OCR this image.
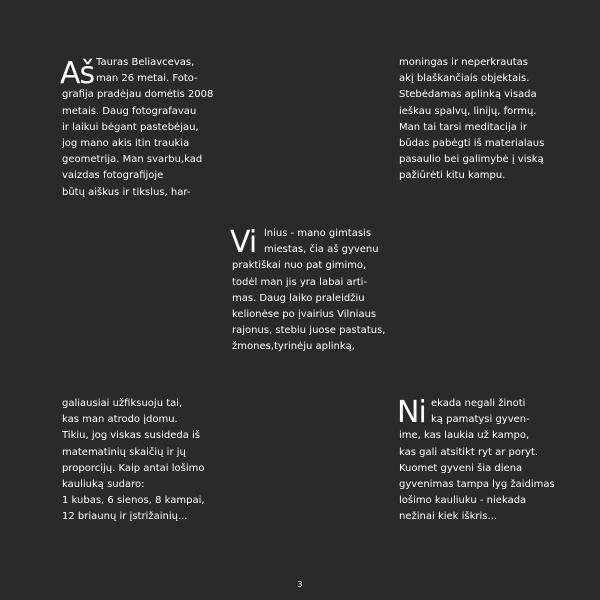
Aš Tauras Beliavcevas,
man 26 metai. Foto-
grafija pradėjau domėtis 2008
metais. Daug fotografavau
ir laikui bėgant pastebėjau,
jog mano akis itin traukia
geometrija. Man svarbu,kad
vaizdas fotografijoje
būtų aiškus ir tikslus, har-
moningas ir neperkrautas
akį blaškančiais objektais.
Stebėdamas aplinką visada
ieškau spalvų, linijų, formų.
Man tai tarsi meditacija ir
būdas pabėgti iš materialaus
pasaulio bei galimybė į viską
pažiūrėti kitu kampu.
Vi lnius - mano gimtasis
miestas, čia aš gyvenu
praktiškai nuo pat gimimo,
todėl man jis yra labai arti-
mas. Daug laiko praleidžiu
kelionėse po įvairius Vilniaus
rajonus, stebiu juose pastatus,
žmones,tyrinėju aplinką,
galiausiai užfiksuoju tai,
kas man atrodo įdomu.
Tikiu, jog viskas susideda iš
matematinių skaičių ir jų
proporcijų. Kaip antai lošimo
kauliuką sudaro:
1 kubas, 6 sienos, 8 kampai,
12 briaunų ir įstrižainių...
Ni ekada negali žinoti
ką pamatysi gyven-
ime, kas laukia už kampo,
kas gali atsitikt ryt ar poryt.
Kuomet gyveni šia diena
gyvenimas tampa lyg žaidimas
lošimo kauliuku - niekada
nežinai kiek iškris...
3
